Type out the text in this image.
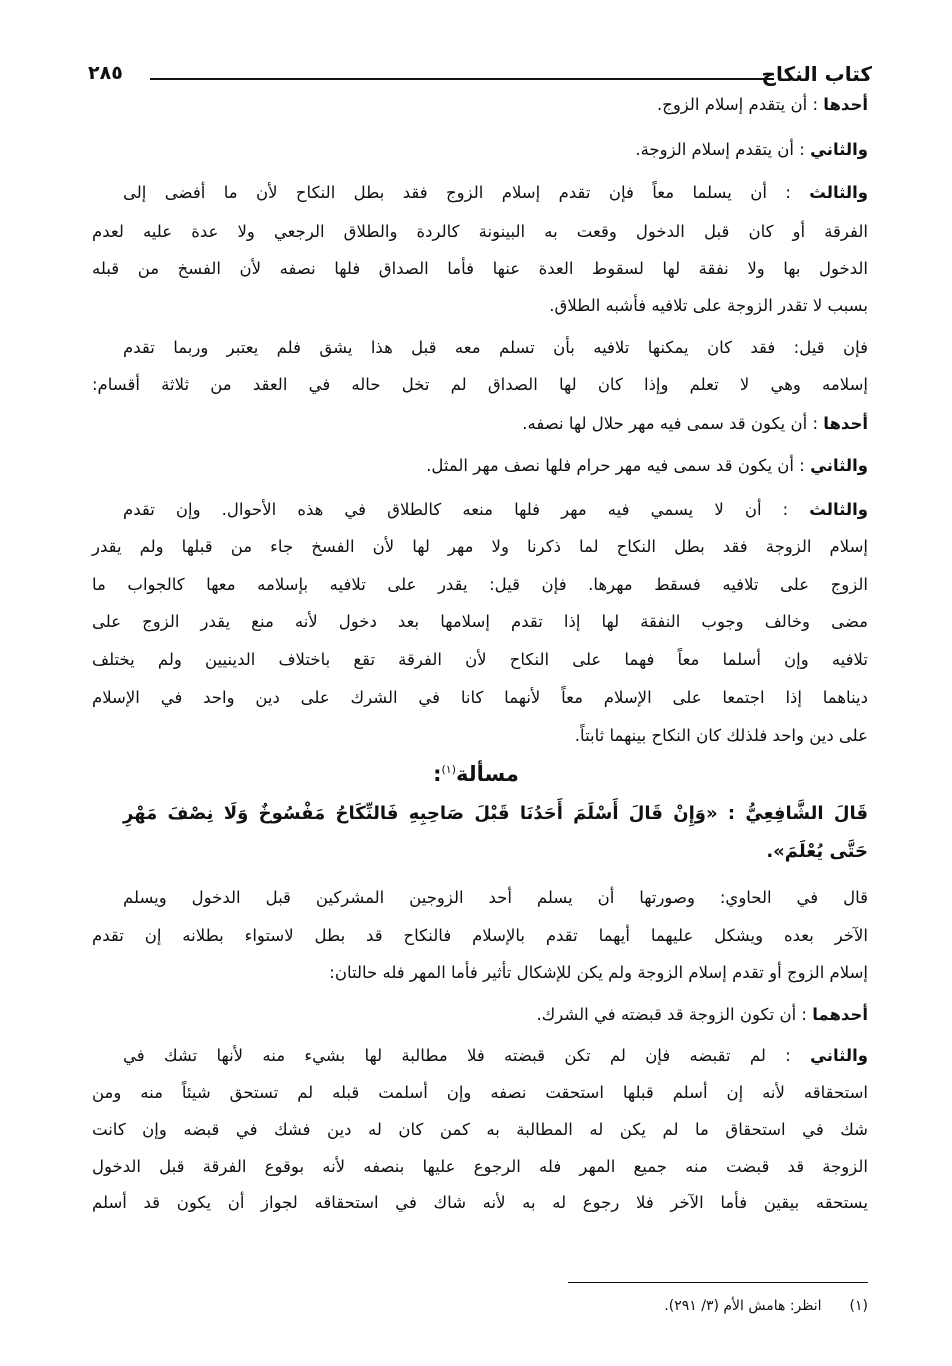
كتاب النكاح
٢٨٥
أحدها : أن يتقدم إسلام الزوج.
والثاني : أن يتقدم إسلام الزوجة.
والثالث : أن يسلما معاً فإن تقدم إسلام الزوج فقد بطل النكاح لأن ما أفضى إلى
الفرقة أو كان قبل الدخول وقعت به البينونة كالردة والطلاق الرجعي ولا عدة عليه لعدم
الدخول بها ولا نفقة لها لسقوط العدة عنها فأما الصداق فلها نصفه لأن الفسخ من قبله
بسبب لا تقدر الزوجة على تلافيه فأشبه الطلاق.
فإن قيل: فقد كان يمكنها تلافيه بأن تسلم معه قبل هذا يشق فلم يعتبر وربما تقدم
إسلامه وهي لا تعلم وإذا كان لها الصداق لم تخل حاله في العقد من ثلاثة أقسام:
أحدها : أن يكون قد سمى فيه مهر حلال لها نصفه.
والثاني : أن يكون قد سمى فيه مهر حرام فلها نصف مهر المثل.
والثالث : أن لا يسمي فيه مهر فلها منعه كالطلاق في هذه الأحوال. وإن تقدم
إسلام الزوجة فقد بطل النكاح لما ذكرنا ولا مهر لها لأن الفسخ جاء من قبلها ولم يقدر
الزوج على تلافيه فسقط مهرها. فإن قيل: يقدر على تلافيه بإسلامه معها كالجواب ما
مضى وخالف وجوب النفقة لها إذا تقدم إسلامها بعد دخول لأنه منع يقدر الزوج على
تلافيه وإن أسلما معاً فهما على النكاح لأن الفرقة تقع باختلاف الدينيين ولم يختلف
ديناهما إذا اجتمعا على الإسلام معاً لأنهما كانا في الشرك على دين واحد في الإسلام
على دين واحد فلذلك كان النكاح بينهما ثابتاً.
مسألة$^{(١)}$:
قَالَ الشَّافِعِيُّ : «وَإِنْ قَالَ أَسْلَمَ أَحَدُنَا قَبْلَ صَاحِبِهِ فَالنِّكَاحُ مَفْسُوخٌ وَلَا نِصْفَ مَهْرِ
حَتَّى يُعْلَمَ».
قال في الحاوي: وصورتها أن يسلم أحد الزوجين المشركين قبل الدخول ويسلم
الآخر بعده ويشكل عليهما أيهما تقدم بالإسلام فالنكاح قد بطل لاستواء بطلانه إن تقدم
إسلام الزوج أو تقدم إسلام الزوجة ولم يكن للإشكال تأثير فأما المهر فله حالتان:
أحدهما : أن تكون الزوجة قد قبضته في الشرك.
والثاني : لم تقبضه فإن لم تكن قبضته فلا مطالبة لها بشيء منه لأنها تشك في
استحقاقه لأنه إن أسلم قبلها استحقت نصفه وإن أسلمت قبله لم تستحق شيئاً منه ومن
شك في استحقاق ما لم يكن له المطالبة به كمن كان له دين فشك في قبضه وإن كانت
الزوجة قد قبضت منه جميع المهر فله الرجوع عليها بنصفه لأنه بوقوع الفرقة قبل الدخول
يستحقه بيقين فأما الآخر فلا رجوع له به لأنه شاك في استحقاقه لجواز أن يكون قد أسلم
(١)انظر: هامش الأم (٣/ ٢٩١).
